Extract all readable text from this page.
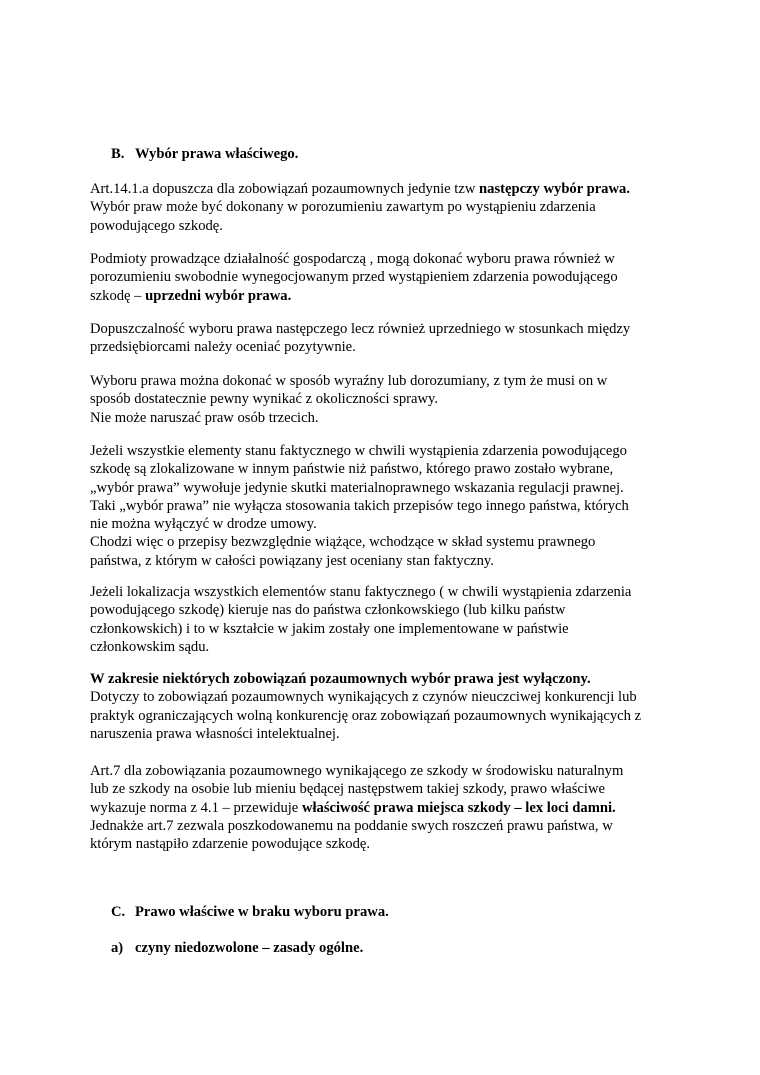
B. Wybór prawa właściwego.
Art.14.1.a dopuszcza dla zobowiązań pozaumownych jedynie tzw następczy wybór prawa.
Wybór praw może być dokonany w porozumieniu zawartym po wystąpieniu zdarzenia
powodującego szkodę.
Podmioty prowadzące działalność gospodarczą , mogą dokonać wyboru prawa również w
porozumieniu swobodnie wynegocjowanym przed wystąpieniem zdarzenia powodującego
szkodę – uprzedni wybór prawa.
Dopuszczalność wyboru prawa następczego lecz również uprzedniego w stosunkach między
przedsiębiorcami należy oceniać pozytywnie.
Wyboru prawa można dokonać w sposób wyraźny lub dorozumiany, z tym że musi on w
sposób dostatecznie pewny wynikać z okoliczności sprawy.
Nie może naruszać praw osób trzecich.
Jeżeli wszystkie elementy stanu faktycznego w chwili wystąpienia zdarzenia powodującego
szkodę są zlokalizowane w innym państwie niż państwo, którego prawo zostało wybrane,
„wybór prawa” wywołuje jedynie skutki materialnoprawnego wskazania regulacji prawnej.
Taki „wybór prawa” nie wyłącza stosowania takich przepisów tego innego państwa, których
nie można wyłączyć w drodze umowy.
Chodzi więc o przepisy bezwzględnie wiążące, wchodzące w skład systemu prawnego
państwa, z którym w całości powiązany jest oceniany stan faktyczny.
Jeżeli lokalizacja wszystkich elementów stanu faktycznego ( w chwili wystąpienia zdarzenia
powodującego szkodę) kieruje nas do państwa członkowskiego (lub kilku państw
członkowskich) i to w kształcie w jakim zostały one implementowane w państwie
członkowskim sądu.
W zakresie niektórych zobowiązań pozaumownych wybór prawa jest wyłączony.
Dotyczy to zobowiązań pozaumownych wynikających z czynów nieuczciwej konkurencji lub
praktyk ograniczających wolną konkurencję oraz zobowiązań pozaumownych wynikających z
naruszenia prawa własności intelektualnej.
Art.7 dla zobowiązania pozaumownego wynikającego ze szkody w środowisku naturalnym
lub ze szkody na osobie lub mieniu będącej następstwem takiej szkody, prawo właściwe
wykazuje norma z 4.1 – przewiduje właściwość prawa miejsca szkody – lex loci damni.
Jednakże art.7 zezwala poszkodowanemu na poddanie swych roszczeń prawu państwa, w
którym nastąpiło zdarzenie powodujące szkodę.
C. Prawo właściwe w braku wyboru prawa.
a) czyny niedozwolone – zasady ogólne.
